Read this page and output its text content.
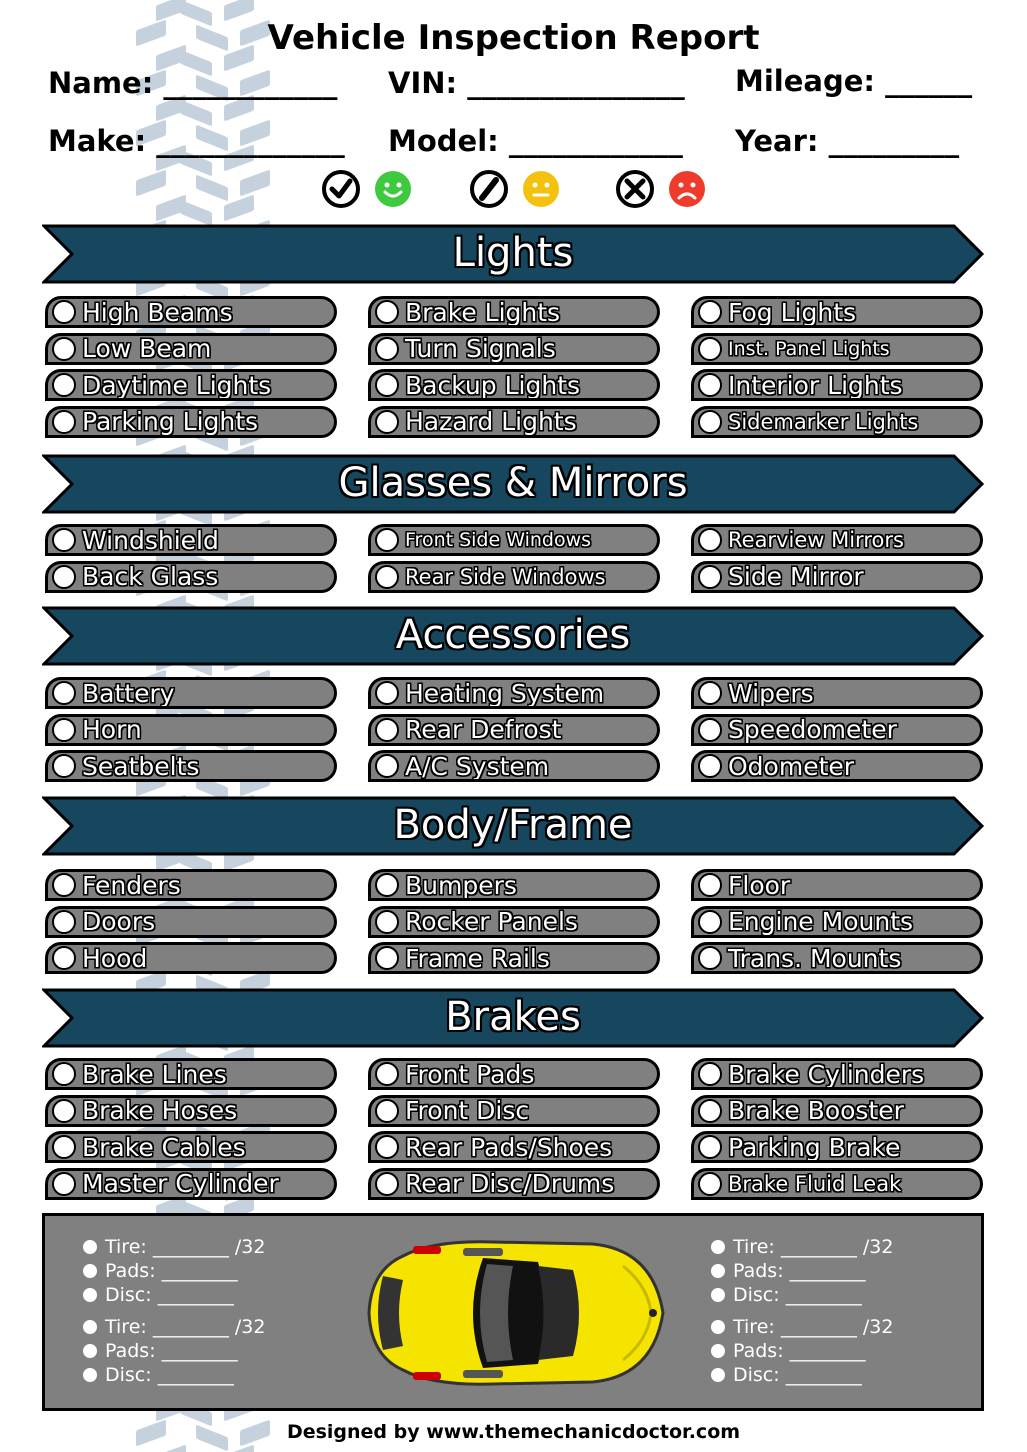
Vehicle Inspection Report
Name: ____________ VIN: _______________ Mileage: ______
Make: _____________ Model: ____________ Year: _________
Lights
High Beams
Low Beam
Daytime Lights
Parking Lights
Brake Lights
Turn Signals
Backup Lights
Hazard Lights
Fog Lights
Inst. Panel Lights
Interior Lights
Sidemarker Lights
Glasses & Mirrors
Windshield
Back Glass
Front Side Windows
Rear Side Windows
Rearview Mirrors
Side Mirror
Accessories
Battery
Horn
Seatbelts
Heating System
Rear Defrost
A/C System
Wipers
Speedometer
Odometer
Body/Frame
Fenders
Doors
Hood
Bumpers
Rocker Panels
Frame Rails
Floor
Engine Mounts
Trans. Mounts
Brakes
Brake Lines
Brake Hoses
Brake Cables
Master Cylinder
Front Pads
Front Disc
Rear Pads/Shoes
Rear Disc/Drums
Brake Cylinders
Brake Booster
Parking Brake
Brake Fluid Leak
Tire: ________ /32
Pads: ________
Disc: ________
Tire: ________ /32
Pads: ________
Disc: ________
Tire: ________ /32
Pads: ________
Disc: ________
Tire: ________ /32
Pads: ________
Disc: ________
Designed by www.themechanicdoctor.com
